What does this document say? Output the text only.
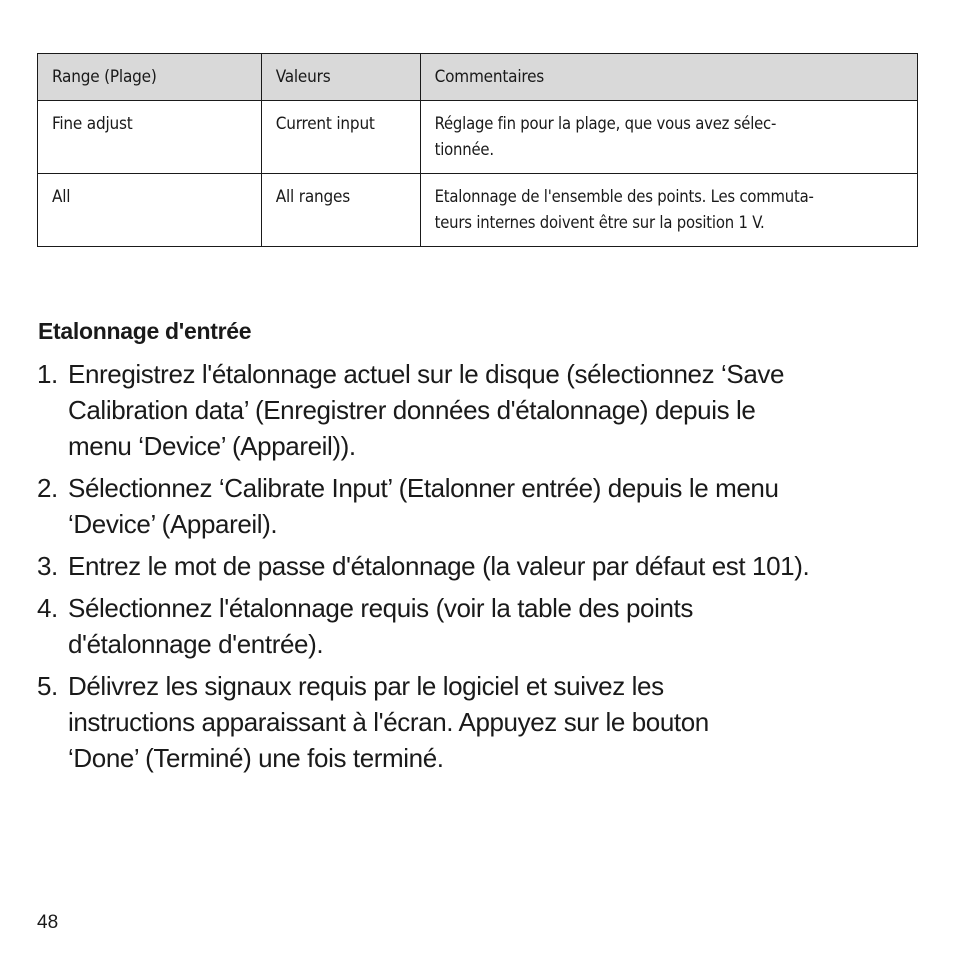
Range (Plage)	Valeurs	Commentaires
Fine adjust	Current input	Réglage fin pour la plage, que vous avez sélec-
tionnée.
All	All ranges	Etalonnage de l'ensemble des points. Les commuta-
teurs internes doivent être sur la position 1 V.
Etalonnage d'entrée
1. Enregistrez l'étalonnage actuel sur le disque (sélectionnez ‘Save
Calibration data’ (Enregistrer données d'étalonnage) depuis le
menu ‘Device’ (Appareil)).
2. Sélectionnez ‘Calibrate Input’ (Etalonner entrée) depuis le menu
‘Device’ (Appareil).
3. Entrez le mot de passe d'étalonnage (la valeur par défaut est 101).
4. Sélectionnez l'étalonnage requis (voir la table des points
d'étalonnage d'entrée).
5. Délivrez les signaux requis par le logiciel et suivez les
instructions apparaissant à l'écran. Appuyez sur le bouton
‘Done’ (Terminé) une fois terminé.
48
